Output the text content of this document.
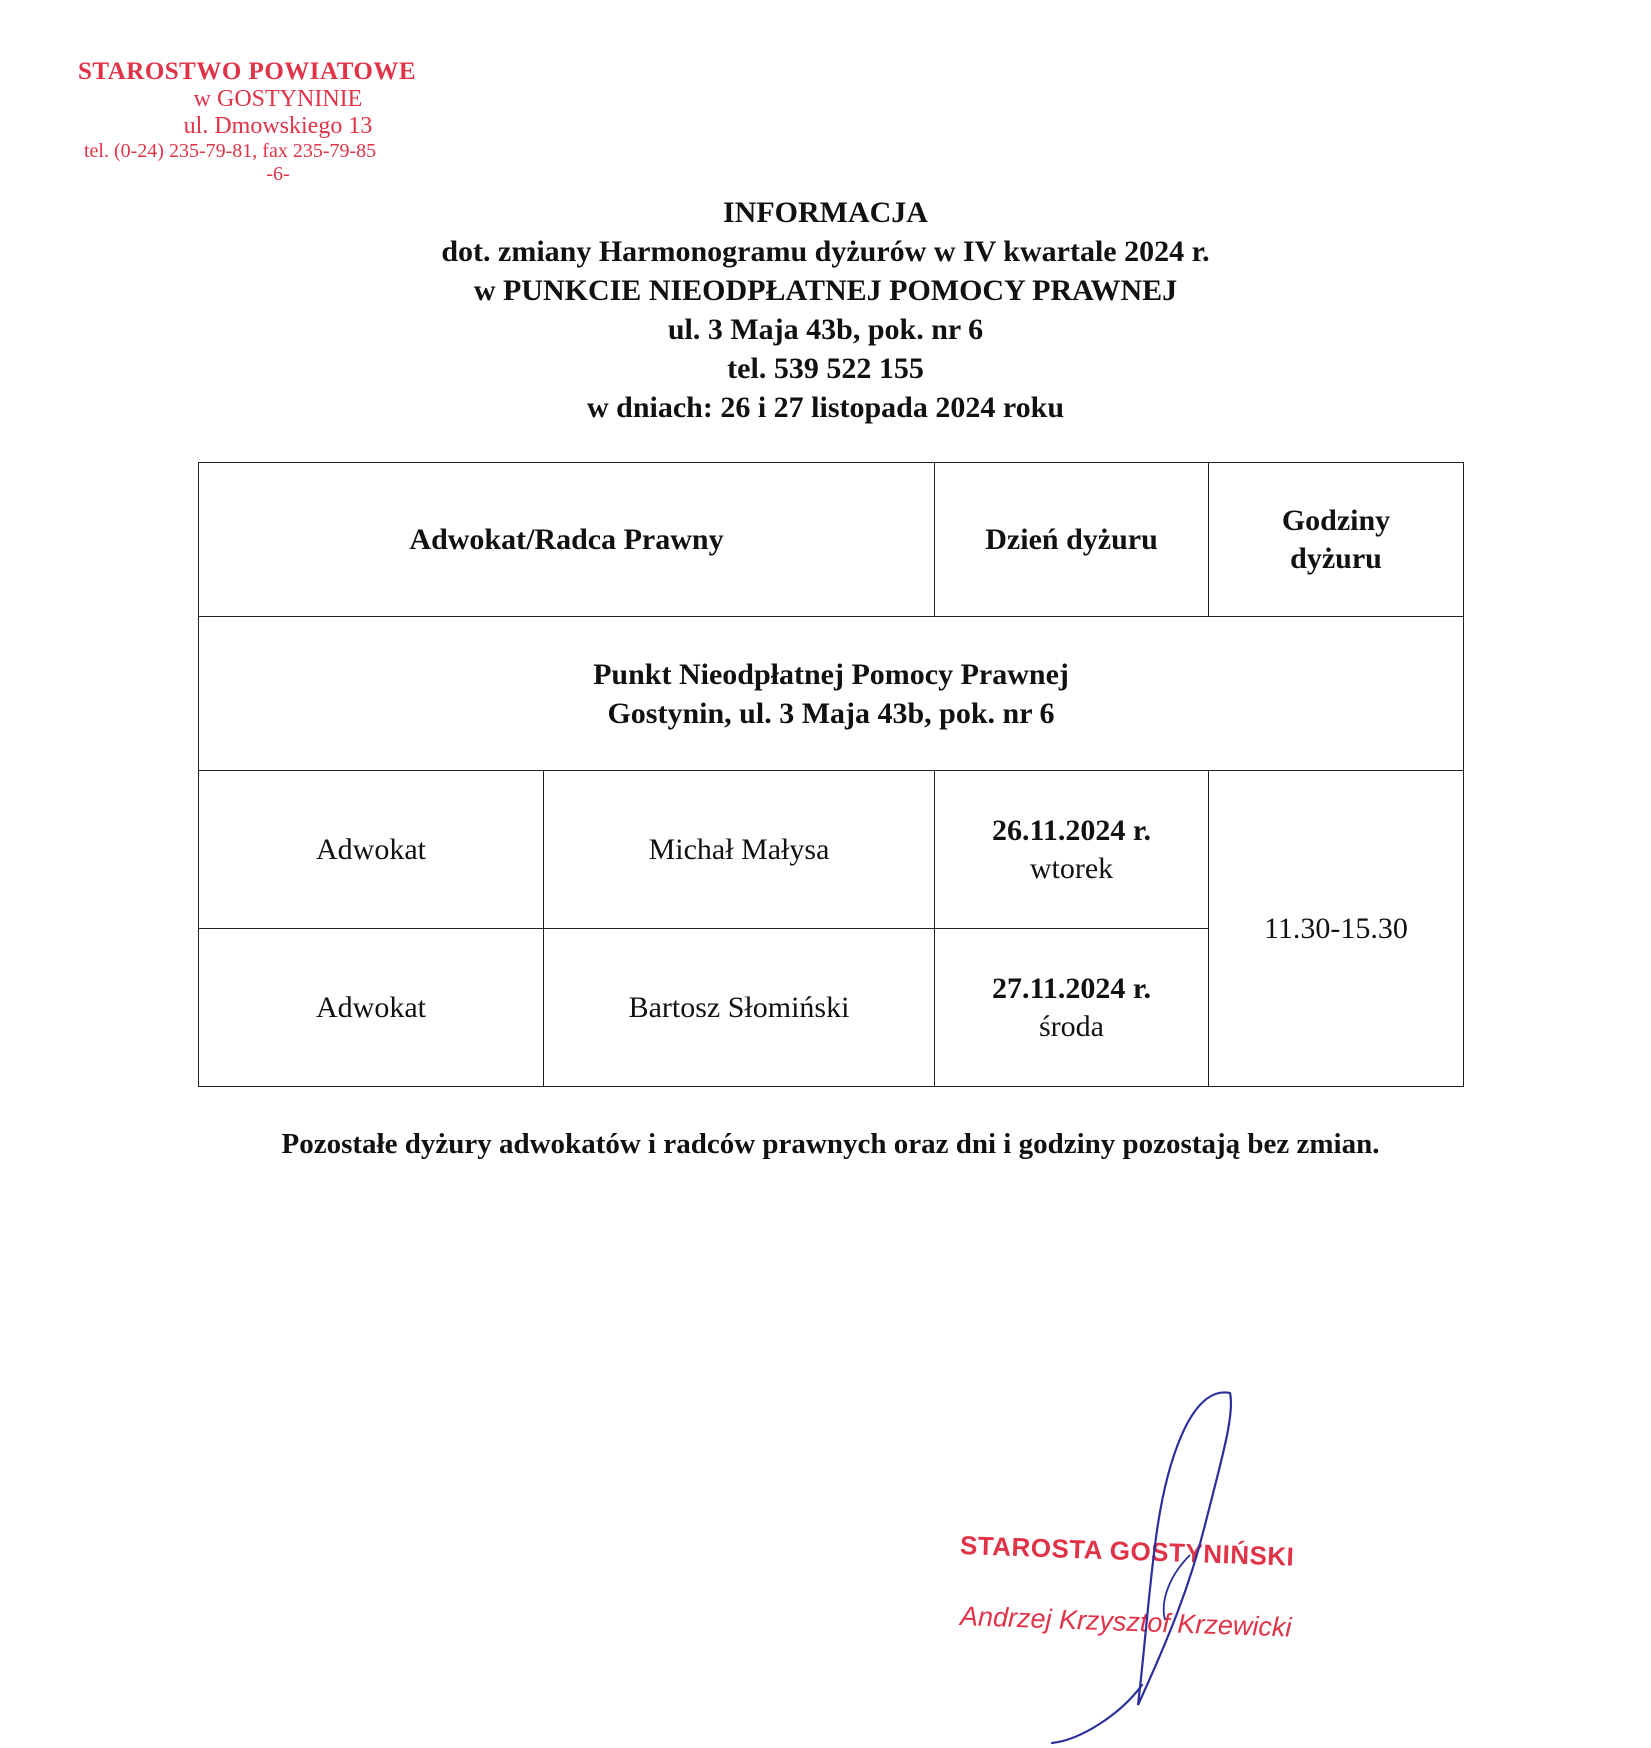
STAROSTWO POWIATOWE
w GOSTYNINIE
ul. Dmowskiego 13
tel. (0-24) 235-79-81, fax 235-79-85
-6-
INFORMACJA
dot. zmiany Harmonogramu dyżurów w IV kwartale 2024 r.
w PUNKCIE NIEODPŁATNEJ POMOCY PRAWNEJ
ul. 3 Maja 43b, pok. nr 6
tel. 539 522 155
w dniach: 26 i 27 listopada 2024 roku
Adwokat/Radca Prawny		Dzień dyżuru	Godziny
dyżuru

Punkt Nieodpłatnej Pomocy Prawnej
Gostynin, ul. 3 Maja 43b, pok. nr 6			

Adwokat	Michał Małysa	26.11.2024 r.
wtorek	11.30-15.30
Adwokat	Bartosz Słomiński	27.11.2024 r.
środa	
Pozostałe dyżury adwokatów i radców prawnych oraz dni i godziny pozostają bez zmian.
STAROSTA GOSTYNIŃSKI
Andrzej Krzysztof Krzewicki
